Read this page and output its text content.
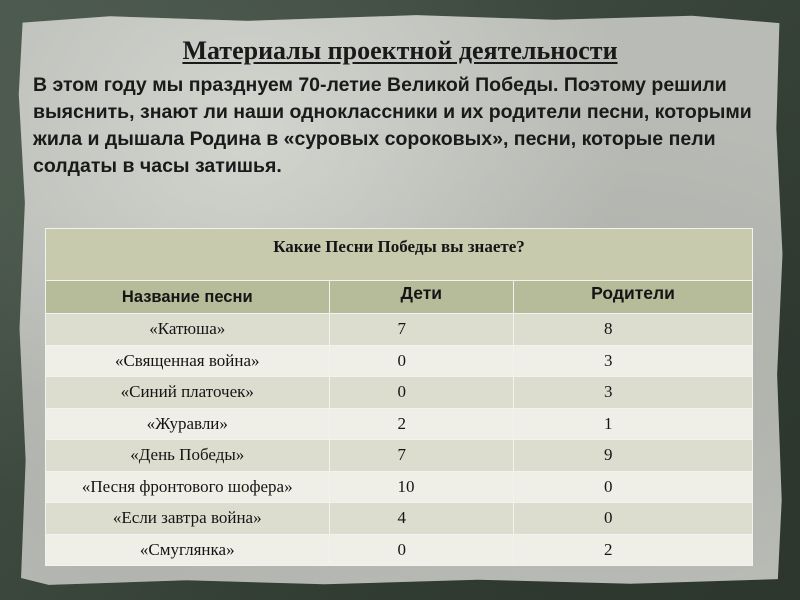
Материалы проектной деятельности

В этом году мы празднуем 70-летие Великой Победы. Поэтому решили выяснить, знают ли наши одноклассники и их родители песни, которыми жила и дышала Родина в «суровых сороковых», песни, которые пели солдаты в часы затишья.

Какие Песни Победы вы знаете?		
Название песни	Дети	Родители
«Катюша»	7	8
«Священная война»	0	3
«Синий платочек»	0	3
«Журавли»	2	1
«День Победы»	7	9
«Песня фронтового шофера»	10	0
«Если завтра война»	4	0
«Смуглянка»	0	2
